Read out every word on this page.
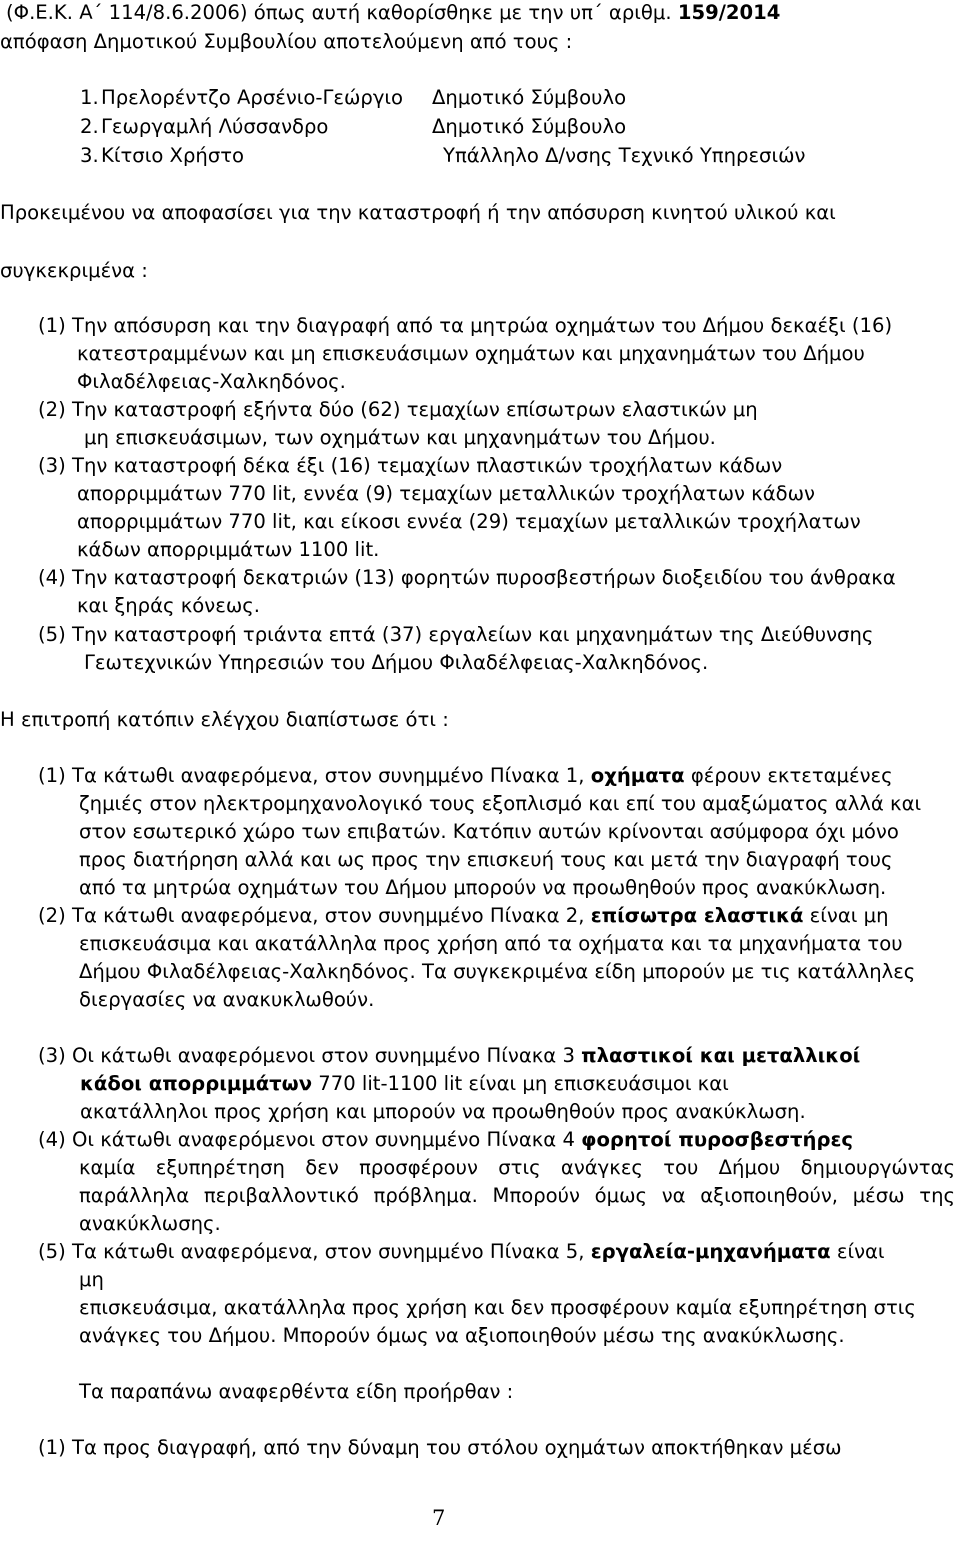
(Φ.Ε.Κ. Α΄ 114/8.6.2006) όπως αυτή καθορίσθηκε με την υπ΄ αριθμ. 159/2014
απόφαση Δημοτικού Συμβουλίου αποτελούμενη από τους :
1. Πρελορέντζο Αρσένιο-Γεώργιο Δημοτικό Σύμβουλο
2. Γεωργαμλή Λύσσανδρο	Δημοτικό Σύμβουλο
3. Κίτσιο Χρήστο	Υπάλληλο Δ/νσης Τεχνικό Υπηρεσιών
Προκειμένου να αποφασίσει για την καταστροφή ή την απόσυρση κινητού υλικού και
συγκεκριμένα :
(1) Την απόσυρση και την διαγραφή από τα μητρώα οχημάτων του Δήμου δεκαέξι (16)
κατεστραμμένων και μη επισκευάσιμων οχημάτων και μηχανημάτων του Δήμου
Φιλαδέλφειας-Χαλκηδόνος.
(2) Την καταστροφή εξήντα δύο (62) τεμαχίων επίσωτρων ελαστικών μη
μη επισκευάσιμων, των οχημάτων και μηχανημάτων του Δήμου.
(3) Την καταστροφή δέκα έξι (16) τεμαχίων πλαστικών τροχήλατων κάδων
απορριμμάτων 770 lit, εννέα (9) τεμαχίων μεταλλικών τροχήλατων κάδων
απορριμμάτων 770 lit, και είκοσι εννέα (29) τεμαχίων μεταλλικών τροχήλατων
κάδων απορριμμάτων 1100 lit.
(4) Την καταστροφή δεκατριών (13) φορητών πυροσβεστήρων διοξειδίου του άνθρακα
και ξηράς κόνεως.
(5) Την καταστροφή τριάντα επτά (37) εργαλείων και μηχανημάτων της Διεύθυνσης
Γεωτεχνικών Υπηρεσιών του Δήμου Φιλαδέλφειας-Χαλκηδόνος.
Η επιτροπή κατόπιν ελέγχου διαπίστωσε ότι :
(1) Τα κάτωθι αναφερόμενα, στον συνημμένο Πίνακα 1, οχήματα φέρουν εκτεταμένες
ζημιές στον ηλεκτρομηχανολογικό τους εξοπλισμό και επί του αμαξώματος αλλά και
στον εσωτερικό χώρο των επιβατών. Κατόπιν αυτών κρίνονται ασύμφορα όχι μόνο
προς διατήρηση αλλά και ως προς την επισκευή τους και μετά την διαγραφή τους
από τα μητρώα οχημάτων του Δήμου μπορούν να προωθηθούν προς ανακύκλωση.
(2) Τα κάτωθι αναφερόμενα, στον συνημμένο Πίνακα 2, επίσωτρα ελαστικά είναι μη
επισκευάσιμα και ακατάλληλα προς χρήση από τα οχήματα και τα μηχανήματα του
Δήμου Φιλαδέλφειας-Χαλκηδόνος. Τα συγκεκριμένα είδη μπορούν με τις κατάλληλες
διεργασίες να ανακυκλωθούν.
(3) Οι κάτωθι αναφερόμενοι στον συνημμένο Πίνακα 3 πλαστικοί και μεταλλικοί
κάδοι απορριμμάτων 770 lit-1100 lit είναι μη επισκευάσιμοι και
ακατάλληλοι προς χρήση και μπορούν να προωθηθούν προς ανακύκλωση.
(4) Οι κάτωθι αναφερόμενοι στον συνημμένο Πίνακα 4 φορητοί πυροσβεστήρες
καμία εξυπηρέτηση δεν προσφέρουν στις ανάγκες του Δήμου δημιουργώντας
παράλληλα περιβαλλοντικό πρόβλημα. Μπορούν όμως να αξιοποιηθούν, μέσω της
ανακύκλωσης.
(5) Τα κάτωθι αναφερόμενα, στον συνημμένο Πίνακα 5, εργαλεία-μηχανήματα είναι
μη
επισκευάσιμα, ακατάλληλα προς χρήση και δεν προσφέρουν καμία εξυπηρέτηση στις
ανάγκες του Δήμου. Μπορούν όμως να αξιοποιηθούν μέσω της ανακύκλωσης.
Τα παραπάνω αναφερθέντα είδη προήρθαν :
(1) Τα προς διαγραφή, από την δύναμη του στόλου οχημάτων αποκτήθηκαν μέσω
7
